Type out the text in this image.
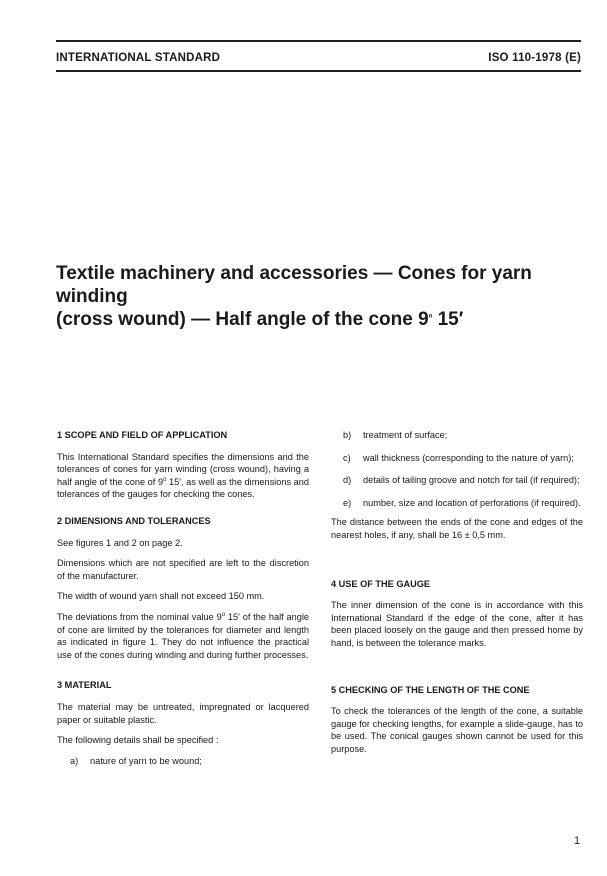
INTERNATIONAL STANDARD	ISO 110-1978 (E)
Textile machinery and accessories — Cones for yarn winding
(cross wound) — Half angle of the cone 9$^o$ 15′
1 SCOPE AND FIELD OF APPLICATION

This International Standard specifies the dimensions and the tolerances of cones for yarn winding (cross wound), having a half angle of the cone of 9$^o$ 15′, as well as the dimensions and tolerances of the gauges for checking the cones.

2 DIMENSIONS AND TOLERANCES

See figures 1 and 2 on page 2.

Dimensions which are not specified are left to the discretion of the manufacturer.

The width of wound yarn shall not exceed 150 mm.

The deviations from the nominal value 9$^o$ 15′ of the half angle of cone are limited by the tolerances for diameter and length as indicated in figure 1. They do not influence the practical use of the cones during winding and during further processes.

3 MATERIAL

The material may be untreated, impregnated or lacquered paper or suitable plastic.

The following details shall be specified :

a)	nature of yarn to be wound;
b)	treatment of surface;
c)	wall thickness (corresponding to the nature of yarn);
d)	details of tailing groove and notch for tail (if required);
e)	number, size and location of perforations (if required).

The distance between the ends of the cone and edges of the nearest holes, if any, shall be 16 ± 0,5 mm.

4 USE OF THE GAUGE

The inner dimension of the cone is in accordance with this International Standard if the edge of the cone, after it has been placed loosely on the gauge and then pressed home by hand, is between the tolerance marks.

5 CHECKING OF THE LENGTH OF THE CONE

To check the tolerances of the length of the cone, a suitable gauge for checking lengths, for example a slide-gauge, has to be used. The conical gauges shown cannot be used for this purpose.

1
